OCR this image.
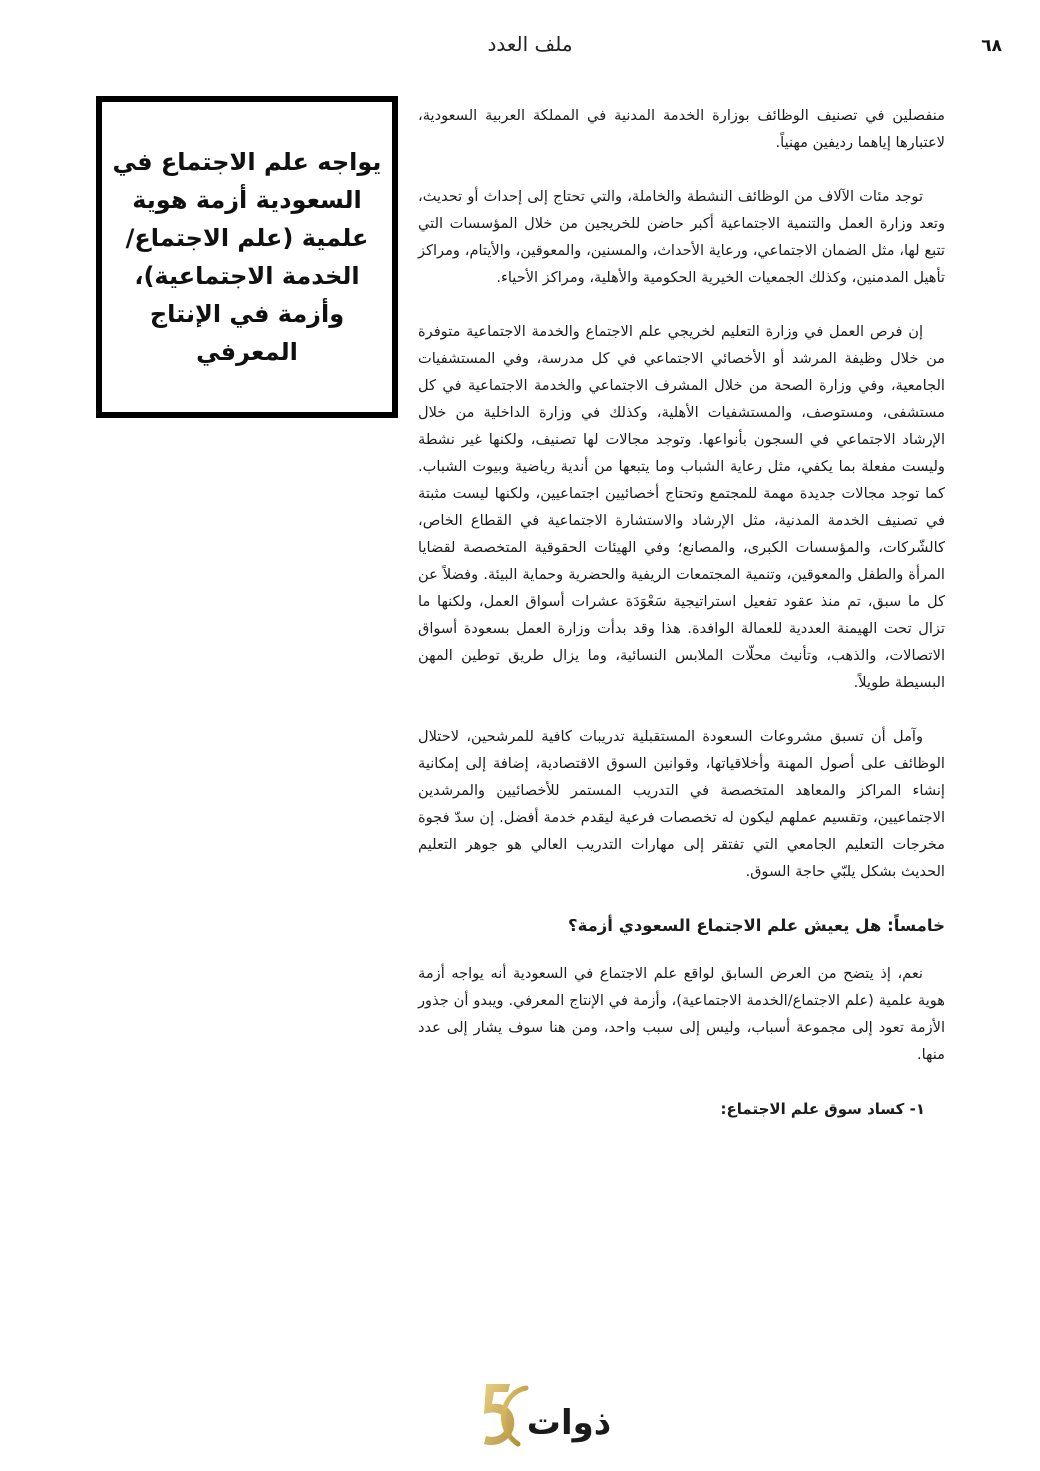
٦٨
ملف العدد
يواجه علم الاجتماع في السعودية أزمة هوية علمية (علم الاجتماع/الخدمة الاجتماعية)، وأزمة في الإنتاج المعرفي

منفصلين في تصنيف الوظائف بوزارة الخدمة المدنية في المملكة العربية السعودية، لاعتبارها إياهما رديفين مهنياً.

توجد مئات الآلاف من الوظائف النشطة والخاملة، والتي تحتاج إلى إحداث أو تحديث، وتعد وزارة العمل والتنمية الاجتماعية أكبر حاضن للخريجين من خلال المؤسسات التي تتبع لها، مثل الضمان الاجتماعي، ورعاية الأحداث، والمسنين، والمعوقين، والأيتام، ومراكز تأهيل المدمنين، وكذلك الجمعيات الخيرية الحكومية والأهلية، ومراكز الأحياء.

إن فرص العمل في وزارة التعليم لخريجي علم الاجتماع والخدمة الاجتماعية متوفرة من خلال وظيفة المرشد أو الأخصائي الاجتماعي في كل مدرسة، وفي المستشفيات الجامعية، وفي وزارة الصحة من خلال المشرف الاجتماعي والخدمة الاجتماعية في كل مستشفى، ومستوصف، والمستشفيات الأهلية، وكذلك في وزارة الداخلية من خلال الإرشاد الاجتماعي في السجون بأنواعها. وتوجد مجالات لها تصنيف، ولكنها غير نشطة وليست مفعلة بما يكفي، مثل رعاية الشباب وما يتبعها من أندية رياضية وبيوت الشباب. كما توجد مجالات جديدة مهمة للمجتمع وتحتاج أخصائيين اجتماعيين، ولكنها ليست مثبتة في تصنيف الخدمة المدنية، مثل الإرشاد والاستشارة الاجتماعية في القطاع الخاص، كالشّركات، والمؤسسات الكبرى، والمصانع؛ وفي الهيئات الحقوقية المتخصصة لقضايا المرأة والطفل والمعوقين، وتنمية المجتمعات الريفية والحضرية وحماية البيئة. وفضلاً عن كل ما سبق، تم منذ عقود تفعيل استراتيجية سَعْوَدَة عشرات أسواق العمل، ولكنها ما تزال تحت الهيمنة العددية للعمالة الوافدة. هذا وقد بدأت وزارة العمل بسعودة أسواق الاتصالات، والذهب، وتأنيث محلّات الملابس النسائية، وما يزال طريق توطين المهن البسيطة طويلاً.

وآمل أن تسبق مشروعات السعودة المستقبلية تدريبات كافية للمرشحين، لاحتلال الوظائف على أصول المهنة وأخلاقياتها، وقوانين السوق الاقتصادية، إضافة إلى إمكانية إنشاء المراكز والمعاهد المتخصصة في التدريب المستمر للأخصائيين والمرشدين الاجتماعيين، وتقسيم عملهم ليكون له تخصصات فرعية ليقدم خدمة أفضل. إن سدّ فجوة مخرجات التعليم الجامعي التي تفتقر إلى مهارات التدريب العالي هو جوهر التعليم الحديث بشكل يلبّي حاجة السوق.

خامساً: هل يعيش علم الاجتماع السعودي أزمة؟

نعم، إذ يتضح من العرض السابق لواقع علم الاجتماع في السعودية أنه يواجه أزمة هوية علمية (علم الاجتماع/الخدمة الاجتماعية)، وأزمة في الإنتاج المعرفي. ويبدو أن جذور الأزمة تعود إلى مجموعة أسباب، وليس إلى سبب واحد، ومن هنا سوف يشار إلى عدد منها.

١- كساد سوق علم الاجتماع:
ذوات
